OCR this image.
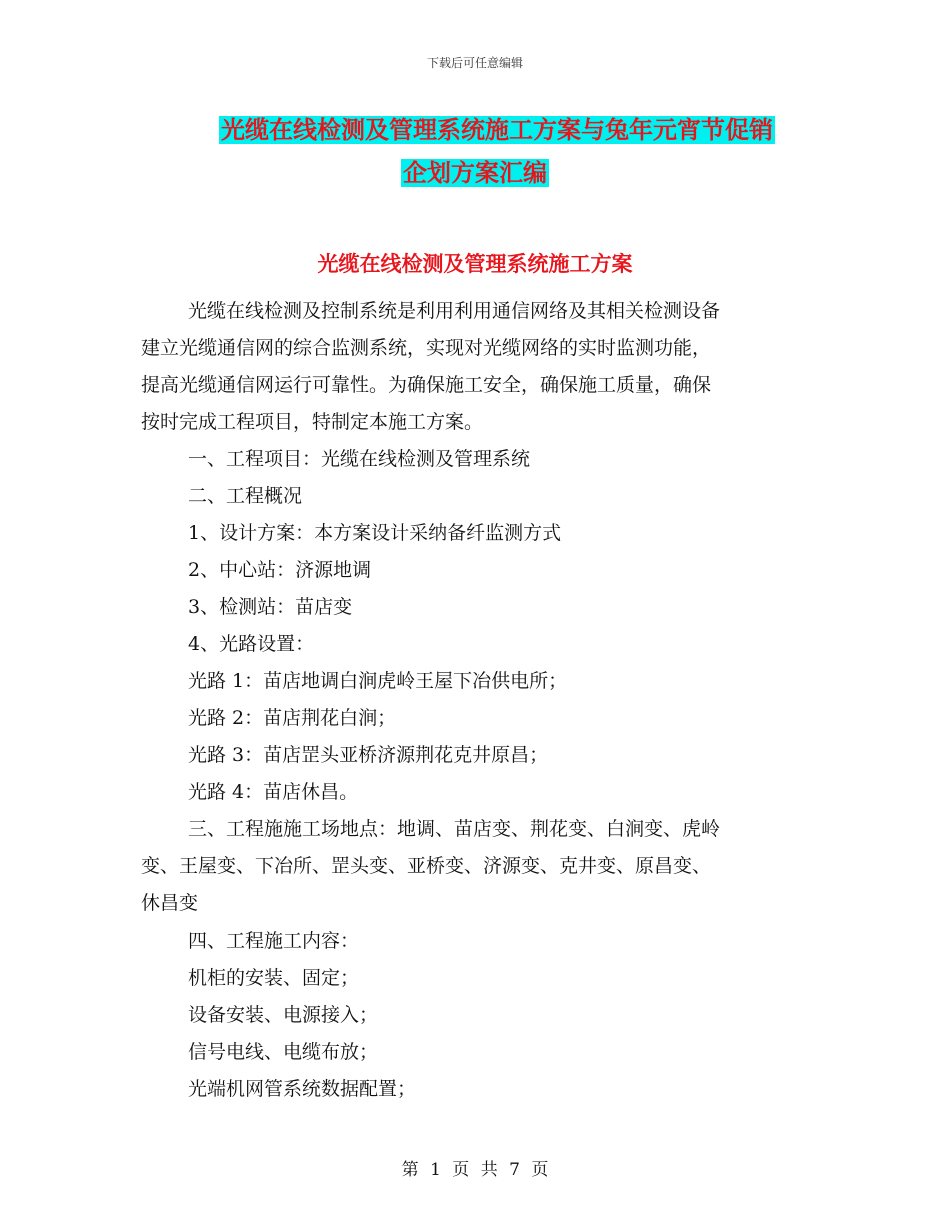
下载后可任意编辑
光缆在线检测及管理系统施工方案与兔年元宵节促销
企划方案汇编
光缆在线检测及管理系统施工方案
光缆在线检测及控制系统是利用利用通信网络及其相关检测设备
建立光缆通信网的综合监测系统，实现对光缆网络的实时监测功能，
提高光缆通信网运行可靠性。为确保施工安全，确保施工质量，确保
按时完成工程项目，特制定本施工方案。
一、工程项目：光缆在线检测及管理系统
二、工程概况
1、设计方案：本方案设计采纳备纤监测方式
2、中心站：济源地调
3、检测站：苗店变
4、光路设置：
光路 1：苗店地调白涧虎岭王屋下冶供电所；
光路 2：苗店荆花白涧；
光路 3：苗店罡头亚桥济源荆花克井原昌；
光路 4：苗店休昌。
三、工程施施工场地点：地调、苗店变、荆花变、白涧变、虎岭
变、王屋变、下冶所、罡头变、亚桥变、济源变、克井变、原昌变、
休昌变
四、工程施工内容：
机柜的安装、固定；
设备安装、电源接入；
信号电线、电缆布放；
光端机网管系统数据配置；
第 1 页 共 7 页
